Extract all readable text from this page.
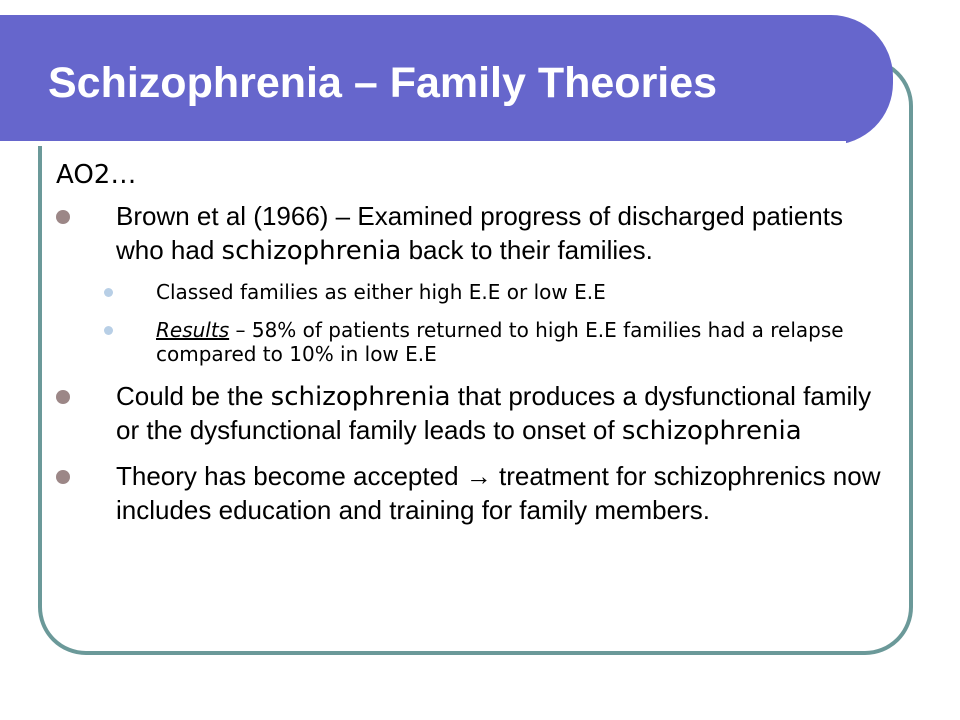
Schizophrenia – Family Theories
AO2…
Brown et al (1966) – Examined progress of discharged patients who had schizophrenia back to their families.
Classed families as either high E.E or low E.E
Results – 58% of patients returned to high E.E families had a relapse compared to 10% in low E.E
Could be the schizophrenia that produces a dysfunctional family or the dysfunctional family leads to onset of schizophrenia
Theory has become accepted → treatment for schizophrenics now includes education and training for family members.
